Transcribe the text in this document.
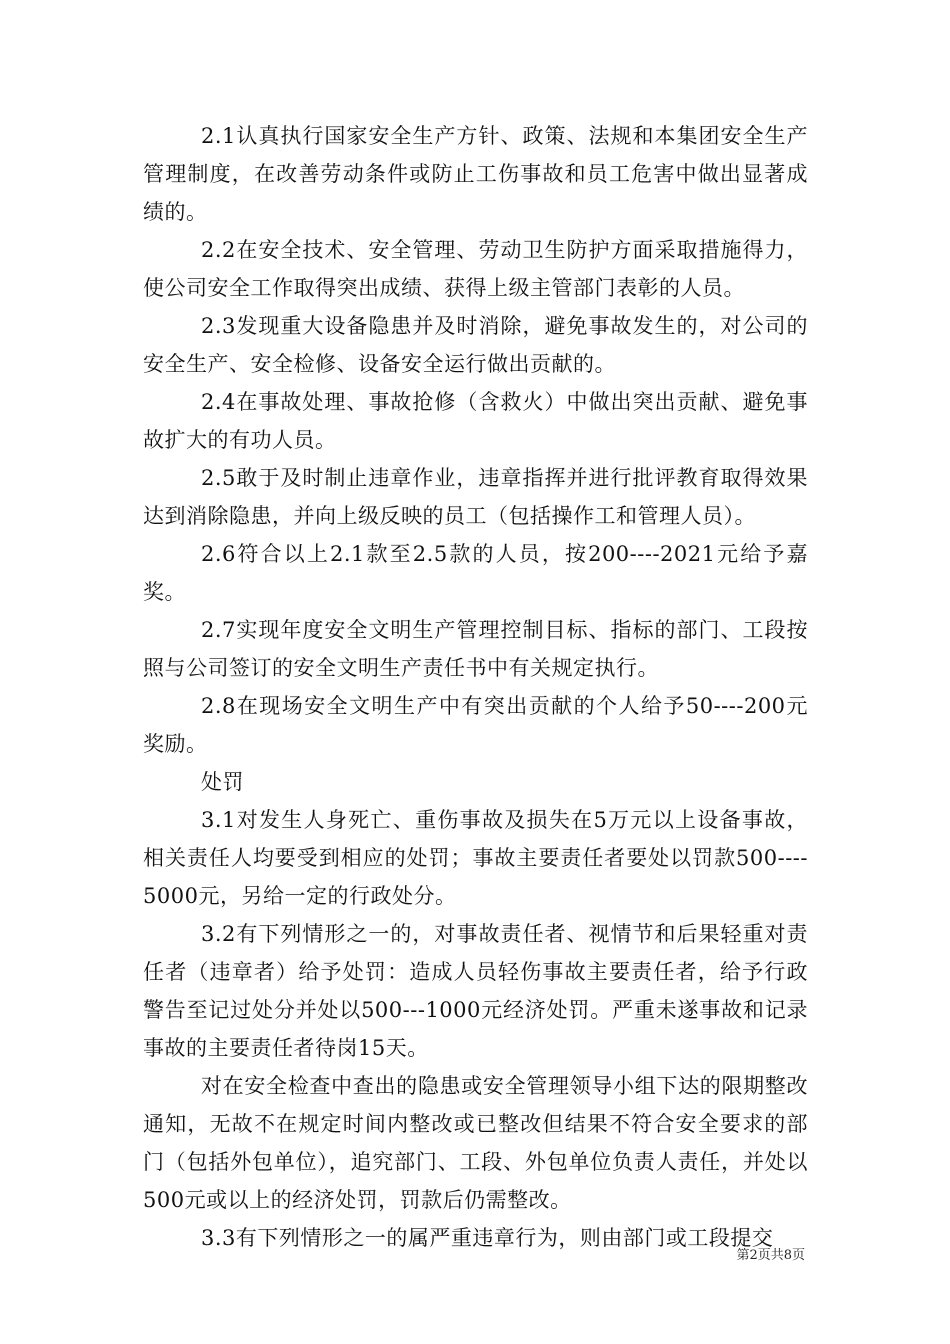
2.1认真执行国家安全生产方针、政策、法规和本集团安全生产管理制度，在改善劳动条件或防止工伤事故和员工危害中做出显著成绩的。

2.2在安全技术、安全管理、劳动卫生防护方面采取措施得力，使公司安全工作取得突出成绩、获得上级主管部门表彰的人员。

2.3发现重大设备隐患并及时消除，避免事故发生的，对公司的安全生产、安全检修、设备安全运行做出贡献的。

2.4在事故处理、事故抢修（含救火）中做出突出贡献、避免事故扩大的有功人员。

2.5敢于及时制止违章作业，违章指挥并进行批评教育取得效果达到消除隐患，并向上级反映的员工（包括操作工和管理人员）。

2.6符合以上2.1款至2.5款的人员，按200----2021元给予嘉奖。

2.7实现年度安全文明生产管理控制目标、指标的部门、工段按照与公司签订的安全文明生产责任书中有关规定执行。

2.8在现场安全文明生产中有突出贡献的个人给予50----200元奖励。

处罚

3.1对发生人身死亡、重伤事故及损失在5万元以上设备事故，相关责任人均要受到相应的处罚；事故主要责任者要处以罚款500----5000元，另给一定的行政处分。

3.2有下列情形之一的，对事故责任者、视情节和后果轻重对责任者（违章者）给予处罚：造成人员轻伤事故主要责任者，给予行政警告至记过处分并处以500---1000元经济处罚。严重未遂事故和记录事故的主要责任者待岗15天。

对在安全检查中查出的隐患或安全管理领导小组下达的限期整改通知，无故不在规定时间内整改或已整改但结果不符合安全要求的部门（包括外包单位），追究部门、工段、外包单位负责人责任，并处以500元或以上的经济处罚，罚款后仍需整改。

3.3有下列情形之一的属严重违章行为，则由部门或工段提交

第2页共8页
